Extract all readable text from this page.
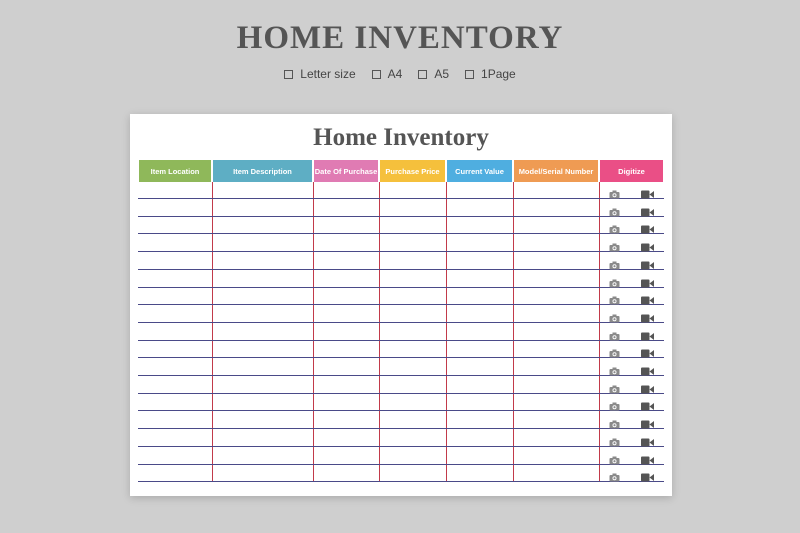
HOME INVENTORY
Letter size	A4	A5	1Page
Home Inventory
Item Location	Item Description	Date Of Purchase	Purchase Price	Current Value	Model/Serial Number	Digitize
